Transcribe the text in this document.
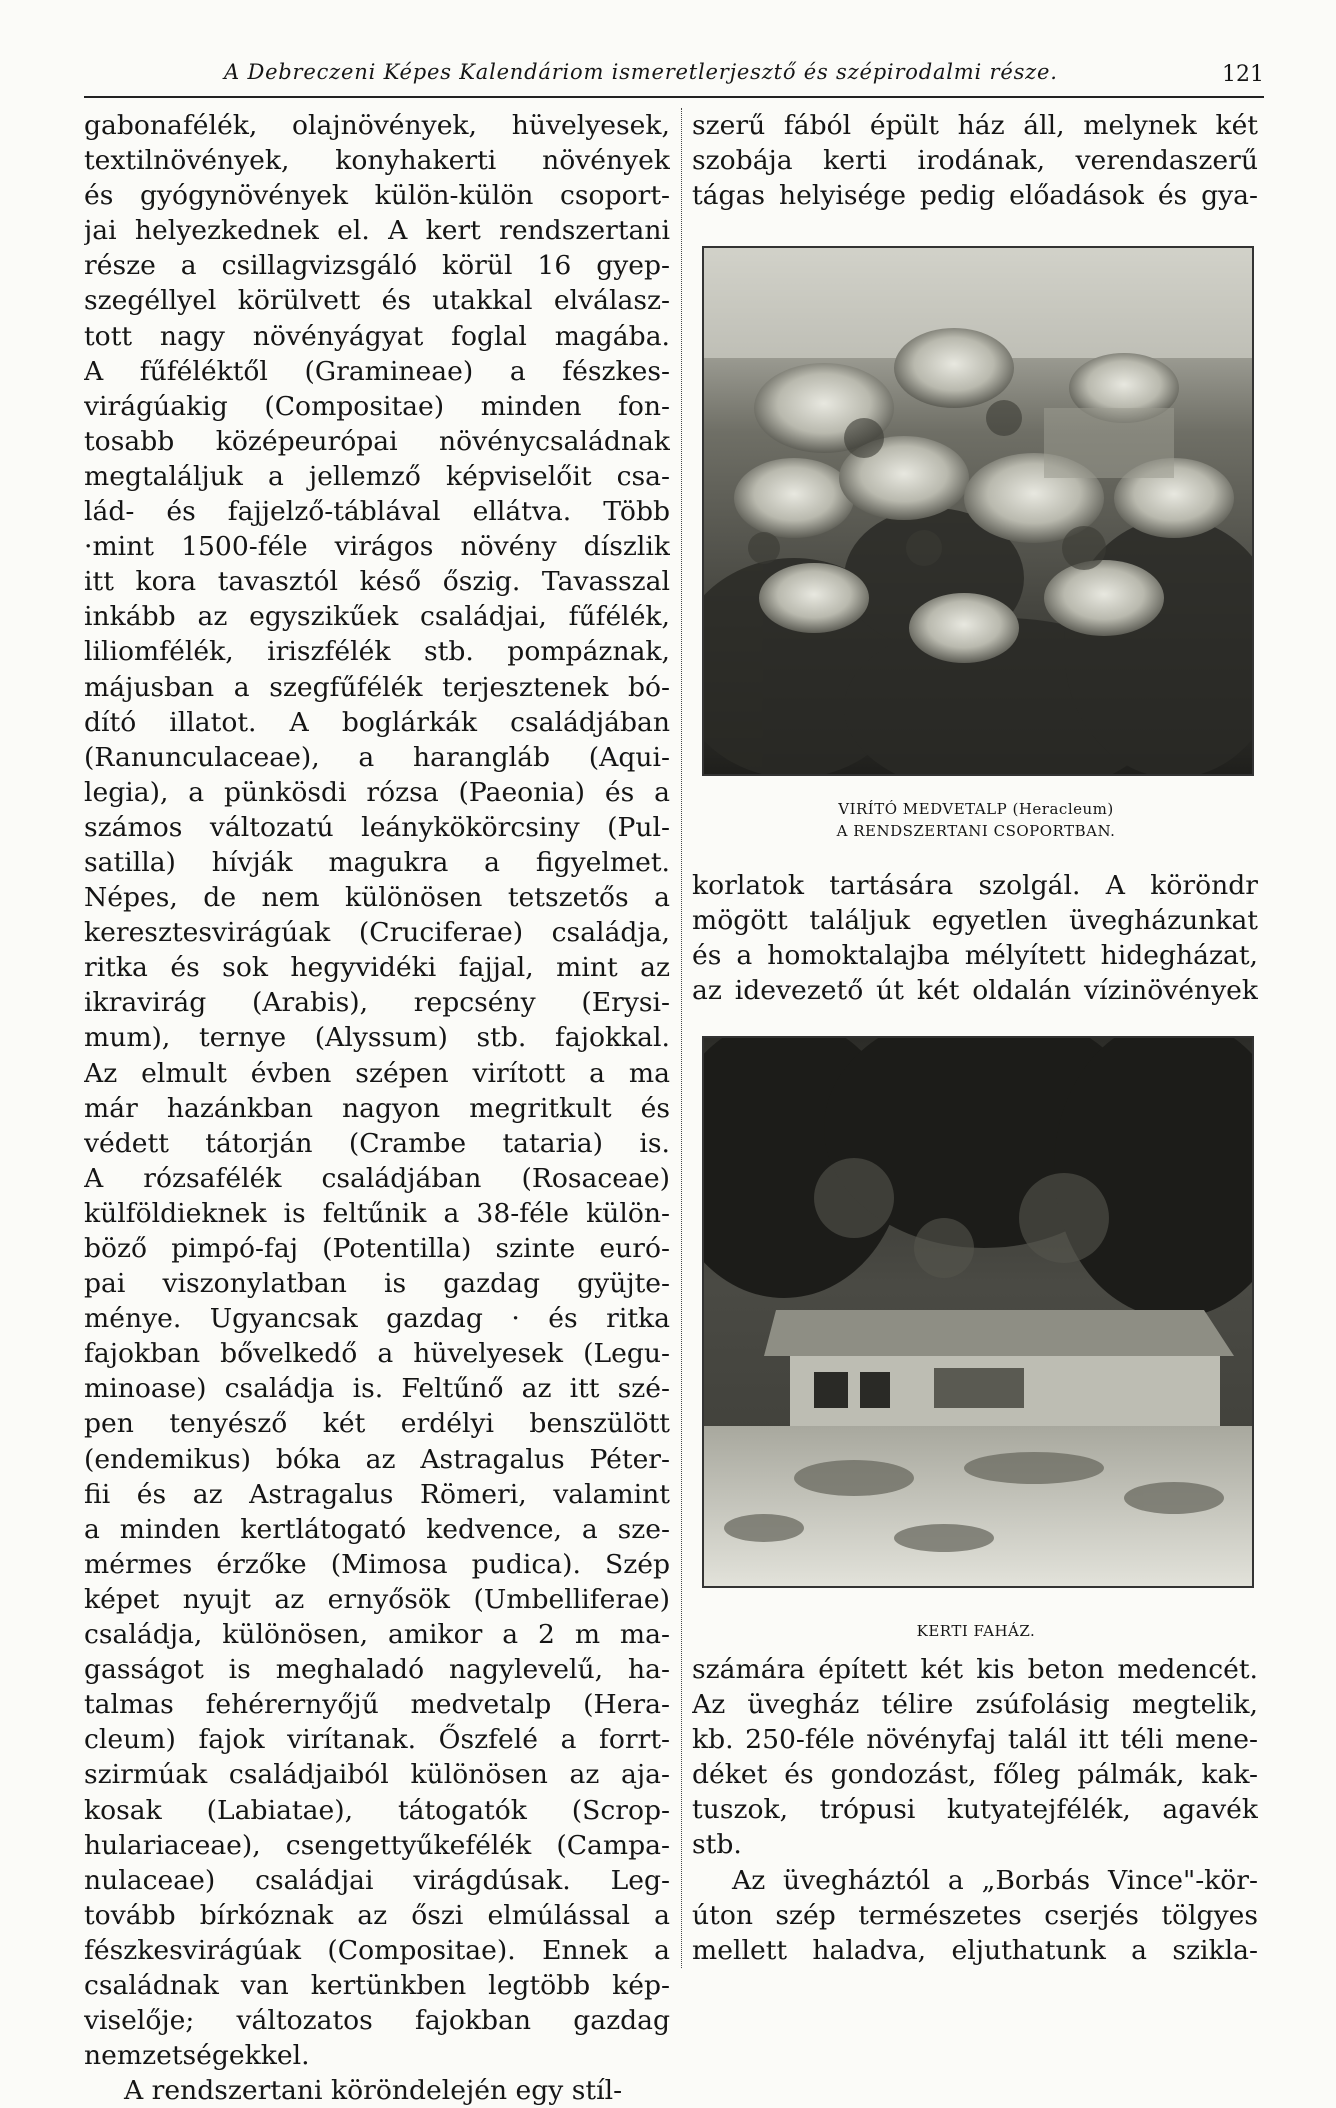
A Debreczeni Képes Kalendáriom ismeretlerjesztő és szépirodalmi része.	121
gabonafélék, olajnövények, hüvelyesek,
textilnövények, konyhakerti növények
és gyógynövények külön-külön csoport-
jai helyezkednek el. A kert rendszertani
része a csillagvizsgáló körül 16 gyep-
szegéllyel körülvett és utakkal elválasz-
tott nagy növényágyat foglal magába.
A fűféléktől (Gramineae) a fészkes-
virágúakig (Compositae) minden fon-
tosabb középeurópai növénycsaládnak
megtaláljuk a jellemző képviselőit csa-
lád- és fajjelző-táblával ellátva. Több
·mint 1500-féle virágos növény díszlik
itt kora tavasztól késő őszig. Tavasszal
inkább az egyszikűek családjai, fűfélék,
liliomfélék, iriszfélék stb. pompáznak,
májusban a szegfűfélék terjesztenek bó-
dító illatot. A boglárkák családjában
(Ranunculaceae), a harangláb (Aqui-
legia), a pünkösdi rózsa (Paeonia) és a
számos változatú leánykökörcsiny (Pul-
satilla) hívják magukra a figyelmet.
Népes, de nem különösen tetszetős a
keresztesvirágúak (Cruciferae) családja,
ritka és sok hegyvidéki fajjal, mint az
ikravirág (Arabis), repcsény (Erysi-
mum), ternye (Alyssum) stb. fajokkal.
Az elmult évben szépen virított a ma
már hazánkban nagyon megritkult és
védett tátorján (Crambe tataria) is.
A rózsafélék családjában (Rosaceae)
külföldieknek is feltűnik a 38-féle külön-
böző pimpó-faj (Potentilla) szinte euró-
pai viszonylatban is gazdag gyüjte-
ménye. Ugyancsak gazdag · és ritka
fajokban bővelkedő a hüvelyesek (Legu-
minoase) családja is. Feltűnő az itt szé-
pen tenyésző két erdélyi benszülött
(endemikus) bóka az Astragalus Péter-
fii és az Astragalus Römeri, valamint
a minden kertlátogató kedvence, a sze-
mérmes érzőke (Mimosa pudica). Szép
képet nyujt az ernyősök (Umbelliferae)
családja, különösen, amikor a 2 m ma-
gasságot is meghaladó nagylevelű, ha-
talmas fehérernyőjű medvetalp (Hera-
cleum) fajok virítanak. Őszfelé a forrt-
szirmúak családjaiból különösen az aja-
kosak (Labiatae), tátogatók (Scrop-
hulariaceae), csengettyűkefélék (Campa-
nulaceae) családjai virágdúsak. Leg-
tovább bírkóznak az őszi elmúlással a
fészkesvirágúak (Compositae). Ennek a
családnak van kertünkben legtöbb kép-
viselője; változatos fajokban gazdag
nemzetségekkel.
A rendszertani köröndelején egy stíl-
szerű fából épült ház áll, melynek két
szobája kerti irodának, verendaszerű
tágas helyisége pedig előadások és gya-
VIRÍTÓ MEDVETALP (Heracleum)
A RENDSZERTANI CSOPORTBAN.
korlatok tartására szolgál. A köröndr
mögött találjuk egyetlen üvegházunkat
és a homoktalajba mélyített hidegházat,
az idevezető út két oldalán vízinövények
KERTI FAHÁZ.
számára épített két kis beton medencét.
Az üvegház télire zsúfolásig megtelik,
kb. 250-féle növényfaj talál itt téli mene-
déket és gondozást, főleg pálmák, kak-
tuszok, trópusi kutyatejfélék, agavék
stb.
Az üvegháztól a „Borbás Vince"-kör-
úton szép természetes cserjés tölgyes
mellett haladva, eljuthatunk a szikla-
